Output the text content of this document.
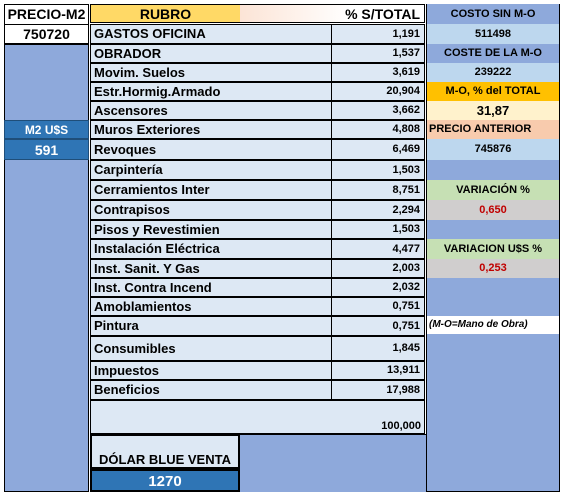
PRECIO-M2
750720
M2 U$S
591
RUBRO	% S/TOTAL
GASTOS OFICINA	1,191
OBRADOR	1,537
Movim. Suelos	3,619
Estr.Hormig.Armado	20,904
Ascensores	3,662
Muros Exteriores	4,808
Revoques	6,469
Carpintería	1,503
Cerramientos Inter	8,751
Contrapisos	2,294
Pisos y Revestimien	1,503
Instalación Eléctrica	4,477
Inst. Sanit. Y Gas	2,003
Inst. Contra Incend	2,032
Amoblamientos	0,751
Pintura	0,751
Consumibles	1,845
Impuestos	13,911
Beneficios	17,988
100,000
DÓLAR BLUE VENTA
1270
COSTO SIN M-O
511498
COSTE DE LA M-O
239222
M-O, % del TOTAL
31,87
PRECIO ANTERIOR
745876
VARIACIÓN %
0,650
VARIACION U$S %
0,253
(M-O=Mano de Obra)
